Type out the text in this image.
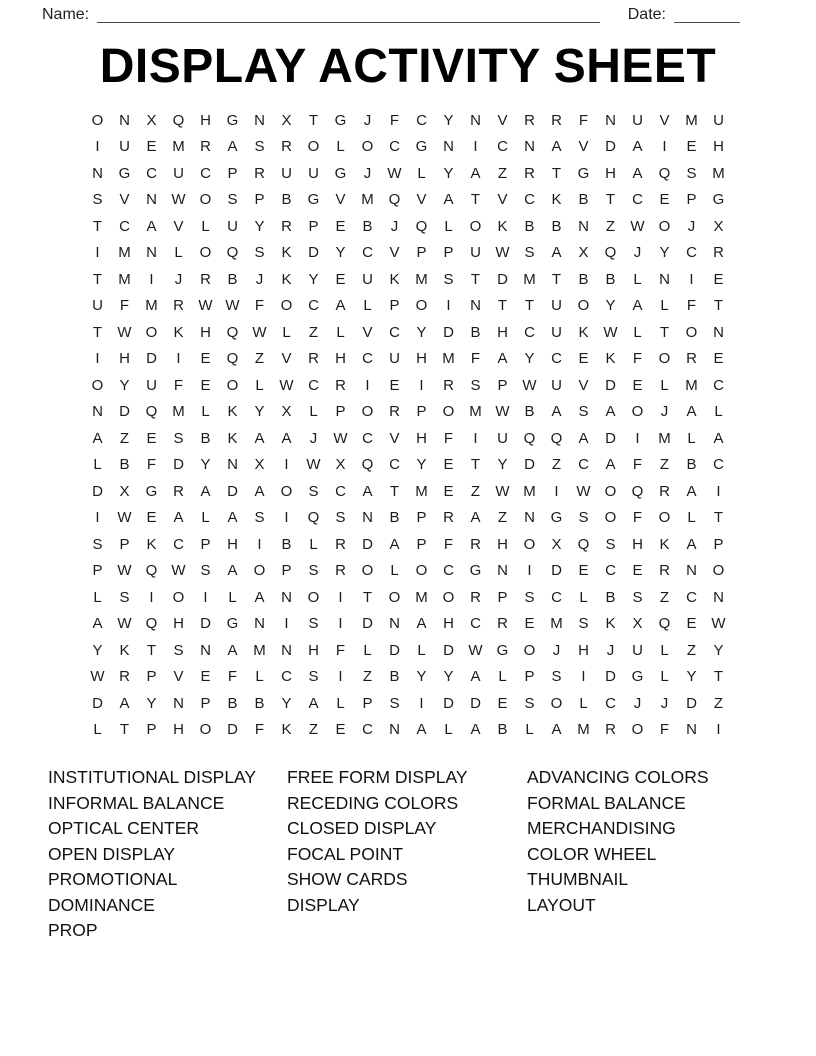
Name:	Date:
DISPLAY ACTIVITY SHEET
O N X Q H G N X T G J F C Y N V R R F N U V M U
I U E M R A S R O L O C G N I C N A V D A I E H
N G C U C P R U U G J W L Y A Z R T G H A Q S M
S V N W O S P B G V M Q V A T V C K B T C E P G
T C A V L U Y R P E B J Q L O K B B N Z W O J X
I M N L O Q S K D Y C V P P U W S A X Q J Y C R
T M I J R B J K Y E U K M S T D M T B B L N I E
U F M R W W F O C A L P O I N T T U O Y A L F T
T W O K H Q W L Z L V C Y D B H C U K W L T O N
I H D I E Q Z V R H C U H M F A Y C E K F O R E
O Y U F E O L W C R I E I R S P W U V D E L M C
N D Q M L K Y X L P O R P O M W B A S A O J A L
A Z E S B K A A J W C V H F I U Q Q A D I M L A
L B F D Y N X I W X Q C Y E T Y D Z C A F Z B C
D X G R A D A O S C A T M E Z W M I W O Q R A I
I W E A L A S I Q S N B P R A Z N G S O F O L T
S P K C P H I B L R D A P F R H O X Q S H K A P
P W Q W S A O P S R O L O C G N I D E C E R N O
L S I O I L A N O I T O M O R P S C L B S Z C N
A W Q H D G N I S I D N A H C R E M S K X Q E W
Y K T S N A M N H F L D L D W G O J H J U L Z Y
W R P V E F L C S I Z B Y Y A L P S I D G L Y T
D A Y N P B B Y A L P S I D D E S O L C J J D Z
L T P H O D F K Z E C N A L A B L A M R O F N I
INSTITUTIONAL DISPLAY
INFORMAL BALANCE
OPTICAL CENTER
OPEN DISPLAY
PROMOTIONAL
DOMINANCE
PROP
FREE FORM DISPLAY
RECEDING COLORS
CLOSED DISPLAY
FOCAL POINT
SHOW CARDS
DISPLAY
ADVANCING COLORS
FORMAL BALANCE
MERCHANDISING
COLOR WHEEL
THUMBNAIL
LAYOUT
